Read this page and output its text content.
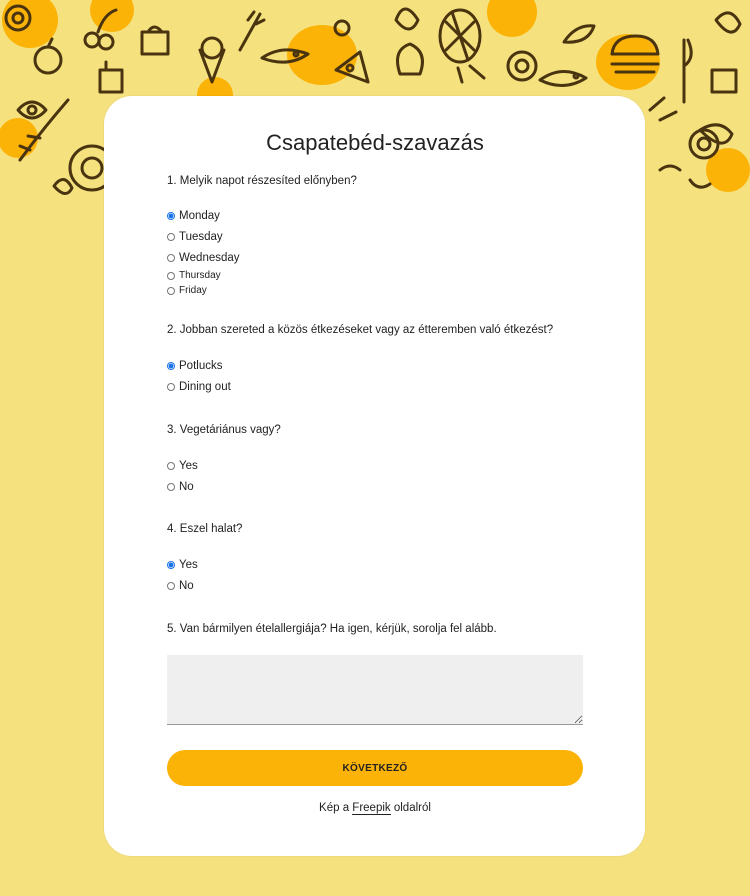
Csapatebéd-szavazás
1. Melyik napot részesíted előnyben?
Monday
Tuesday
Wednesday
Thursday
Friday
2. Jobban szereted a közös étkezéseket vagy az étteremben való étkezést?
Potlucks
Dining out
3. Vegetáriánus vagy?
Yes
No
4. Eszel halat?
Yes
No
5. Van bármilyen ételallergiája? Ha igen, kérjük, sorolja fel alább.
KÖVETKEZŐ
Kép a Freepik oldalról
